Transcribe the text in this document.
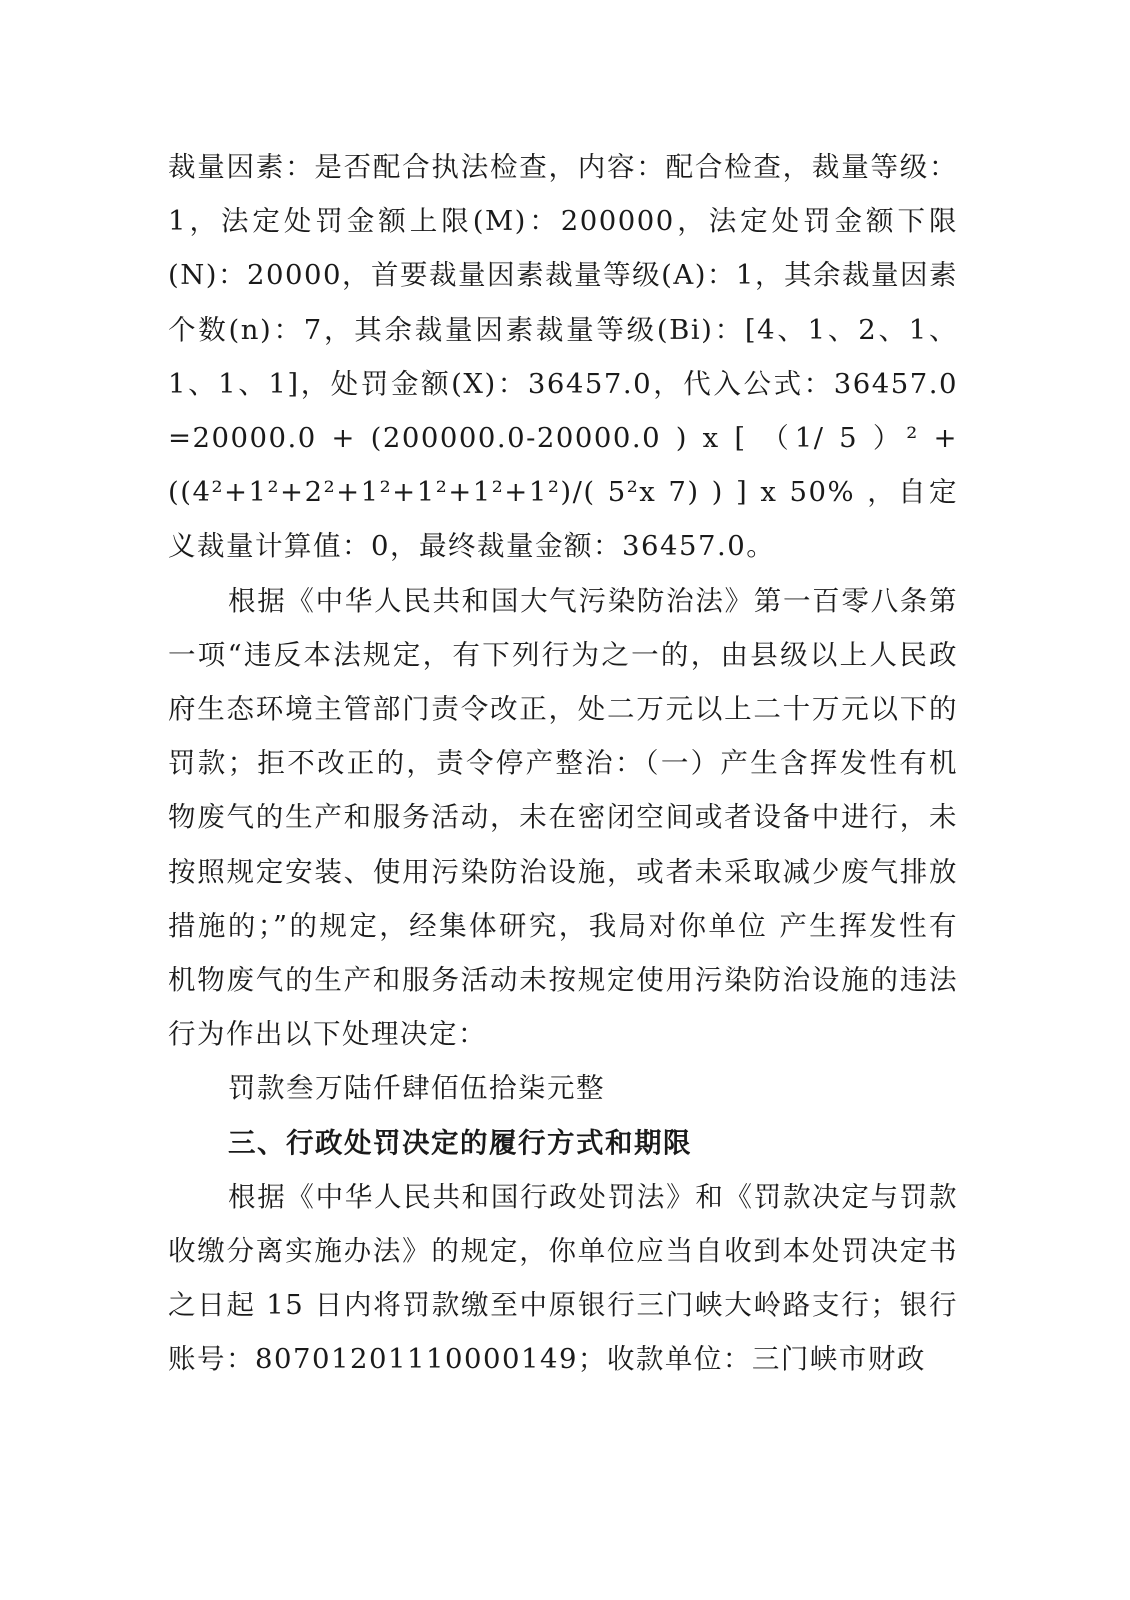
裁量因素：是否配合执法检查，内容：配合检查，裁量等级：1，法定处罚金额上限(M)：200000，法定处罚金额下限(N)：20000，首要裁量因素裁量等级(A)：1，其余裁量因素个数(n)：7，其余裁量因素裁量等级(Bi)：[4、1、2、1、1、1、1]，处罚金额(X)：36457.0，代入公式：36457.0=20000.0 + (200000.0-20000.0 ) x [ （1/ 5 ）² + ((4²+1²+2²+1²+1²+1²+1²)/( 5²x 7) ) ] x 50% ，自定义裁量计算值：0，最终裁量金额：36457.0。

根据《中华人民共和国大气污染防治法》第一百零八条第一项“违反本法规定，有下列行为之一的，由县级以上人民政府生态环境主管部门责令改正，处二万元以上二十万元以下的罚款；拒不改正的，责令停产整治：（一）产生含挥发性有机物废气的生产和服务活动，未在密闭空间或者设备中进行，未按照规定安装、使用污染防治设施，或者未采取减少废气排放措施的；”的规定，经集体研究，我局对你单位 产生挥发性有机物废气的生产和服务活动未按规定使用污染防治设施的违法行为作出以下处理决定：

罚款叁万陆仟肆佰伍拾柒元整

三、行政处罚决定的履行方式和期限

根据《中华人民共和国行政处罚法》和《罚款决定与罚款收缴分离实施办法》的规定，你单位应当自收到本处罚决定书之日起 15 日内将罚款缴至中原银行三门峡大岭路支行；银行账号：80701201110000149；收款单位：三门峡市财政
